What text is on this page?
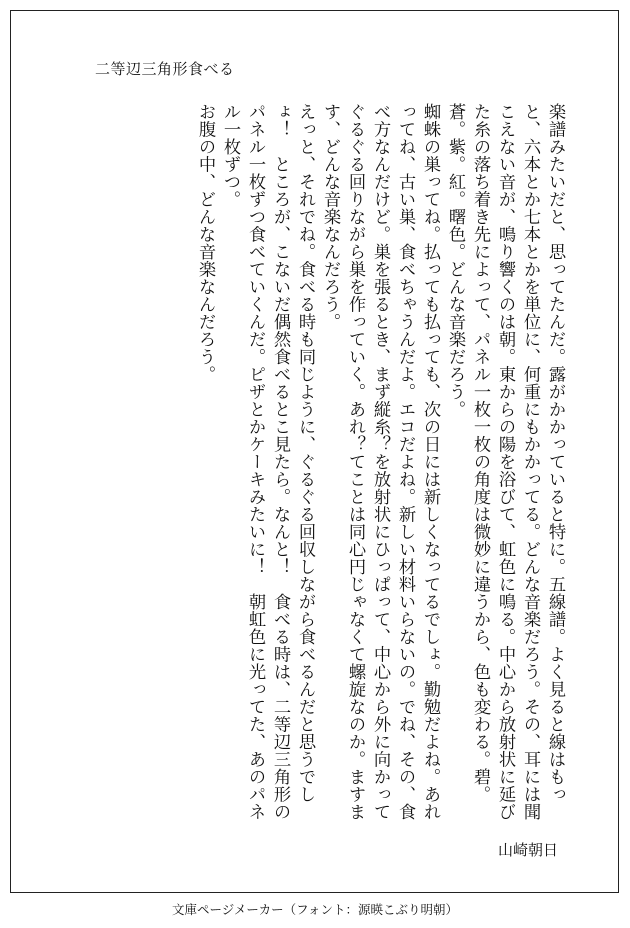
二等辺三角形食べる

楽譜みたいだと、思ってたんだ。露がかかっていると特に。五線譜。よく見ると線はもっと、六本とか七本とかを単位に、何重にもかかってる。どんな音楽だろう。その、耳には聞こえない音が、鳴り響くのは朝。東からの陽を浴びて、虹色に鳴る。中心から放射状に延びた糸の落ち着き先によって、パネル一枚一枚の角度は微妙に違うから、色も変わる。碧。蒼。紫。紅。曙色。どんな音楽だろう。

蜘蛛の巣ってね。払っても払っても、次の日には新しくなってるでしょ。勤勉だよね。あれってね、古い巣、食べちゃうんだよ。エコだよね。新しい材料いらないの。でね、その、食べ方なんだけど。巣を張るとき、まず縦糸？を放射状にひっぱって、中心から外に向かってぐるぐる回りながら巣を作っていく。あれ？てことは同心円じゃなくて螺旋なのか。ますます、どんな音楽なんだろう。

えっと、それでね。食べる時も同じように、ぐるぐる回収しながら食べるんだと思うでしょ！　ところが、こないだ偶然食べるとこ見たら。なんと！　食べる時は、二等辺三角形のパネル一枚ずつ食べていくんだ。ピザとかケーキみたいに！　朝虹色に光ってた、あのパネル一枚ずつ。

お腹の中、どんな音楽なんだろう。

山崎朝日
文庫ページメーカー（フォント：源暎こぶり明朝）
